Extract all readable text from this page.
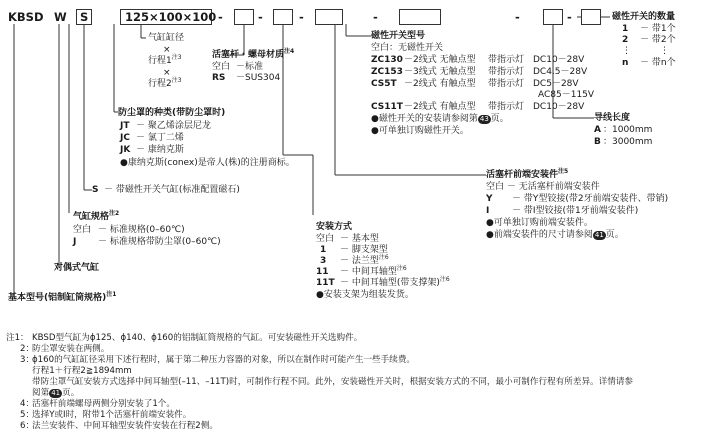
KBSD W S	125×100×100 -	-	-	-	-	-	磁性开关的数量
1 － 带1个
2 － 带2个
⋮	⋮
n － 带n个
气缸缸径
×
行程$1^{注3}$
×
行程2$^{注3}$
活塞杆・螺母材质$^{注4}$
空白 －标准
RS －SUS304
防尘罩的种类(带防尘罩时)
JT － 聚乙烯涂层尼龙
JC － 氯丁二烯
JK － 康纳克斯
●康纳克斯(conex)是帝人(株)的注册商标。
S － 带磁性开关气缸(标准配置磁石)
气缸规格$^{注2}$
空白 － 标准规格(0–60℃)
J － 标准规格带防尘罩(0–60℃)
对偶式气缸
基本型号(铝制缸筒规格)$^{注1}$
磁性开关型号
空白：无磁性开关
ZC130 －2线式 无触点型 带指示灯 DC10－28V
ZC153 －3线式 无触点型 带指示灯 DC4.5－28V
CS5T －2线式 有触点型 带指示灯 DC5－28V
AC85－115V
CS11T －2线式 有触点型 带指示灯 DC10－28V
●磁性开关的安装请参阅第 43 页。
●可单独订购磁性开关。
导线长度
A ：1000mm
B ：3000mm
活塞杆前端安装件$^{注5}$
空白 － 无活塞杆前端安装件
Y － 带Y型铰接(带2牙前端安装件、带销)
I	－ 带I型铰接(带1牙前端安装件)
●可单独订购前端安装件。
●前端安装件的尺寸请参阅 41 页。
安装方式
空白 － 基本型
1 － 脚支架型
3 － 法兰型$^{注6}$
11 － 中间耳轴型$^{注6}$
11T － 中间耳轴型(带支撑架)$^{注6}$
●安装支架为组装发货。
注1： KBSD型气缸为ϕ125、ϕ140、ϕ160的铝制缸筒规格的气缸。可安装磁性开关选购件。
2：
防尘罩安装在两侧。
3：
ϕ160的气缸缸径采用下述行程时，属于第二种压力容器的对象，所以在制作时可能产生一些手续费。
行程1＋行程2≧1894mm
带防尘罩气缸安装方式选择中间耳轴型(–11、–11T)时，可制作行程不同。此外，安装磁性开关时，根据安装方式的不同，最小可制作行程有所差异。详情请参
阅第 41 页。
4：
活塞杆前端螺母两侧分别安装了1个。
5：
选择Y或I时，附带1个活塞杆前端安装件。
6：
法兰安装件、中间耳轴型安装件安装在行程2侧。
